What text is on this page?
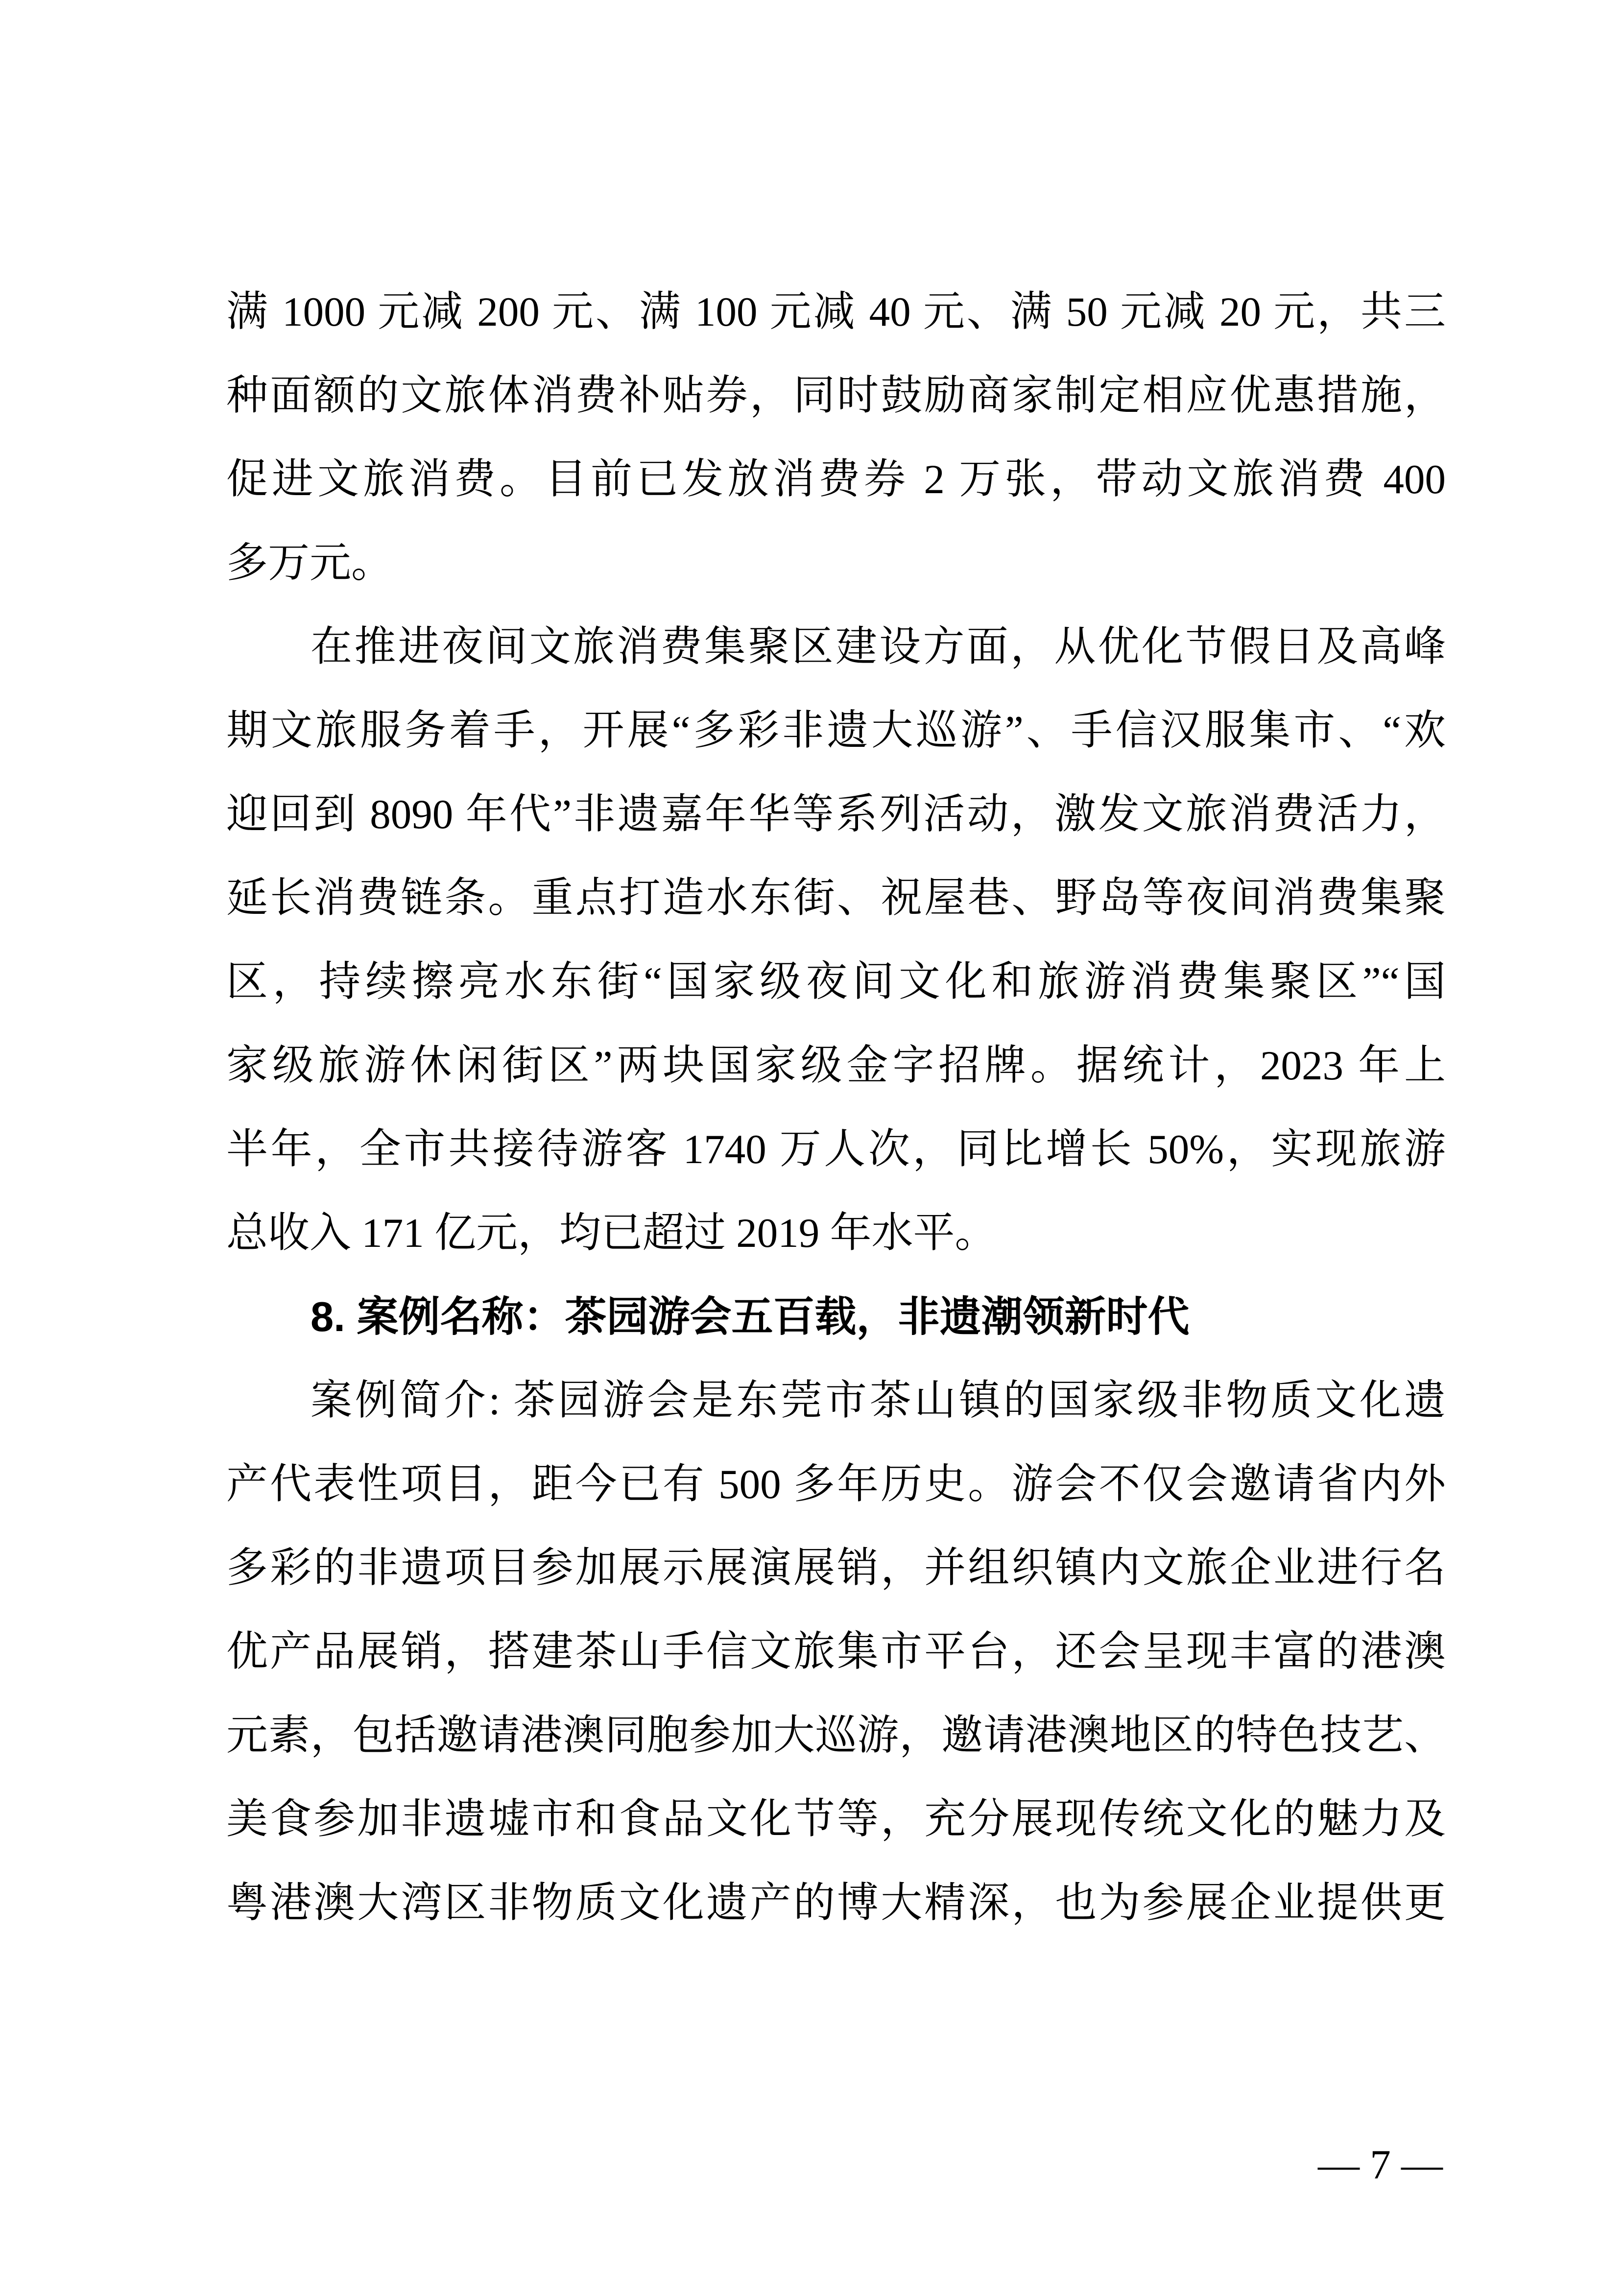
满 1000 元减 200 元、满 100 元减 40 元、满 50 元减 20 元，共三
种面额的文旅体消费补贴券，同时鼓励商家制定相应优惠措施，
促进文旅消费。目前已发放消费券 2 万张，带动文旅消费 400
多万元。
在推进夜间文旅消费集聚区建设方面，从优化节假日及高峰
期文旅服务着手，开展“多彩非遗大巡游”、手信汉服集市、“欢
迎回到 8090 年代”非遗嘉年华等系列活动，激发文旅消费活力，
延长消费链条。重点打造水东街、祝屋巷、野岛等夜间消费集聚
区，持续擦亮水东街“国家级夜间文化和旅游消费集聚区”“国
家级旅游休闲街区”两块国家级金字招牌。据统计，2023 年上
半年，全市共接待游客 1740 万人次，同比增长 50%，实现旅游
总收入 171 亿元，均已超过 2019 年水平。
8. 案例名称：茶园游会五百载，非遗潮领新时代
案例简介: 茶园游会是东莞市茶山镇的国家级非物质文化遗
产代表性项目，距今已有 500 多年历史。游会不仅会邀请省内外
多彩的非遗项目参加展示展演展销，并组织镇内文旅企业进行名
优产品展销，搭建茶山手信文旅集市平台，还会呈现丰富的港澳
元素，包括邀请港澳同胞参加大巡游，邀请港澳地区的特色技艺、
美食参加非遗墟市和食品文化节等，充分展现传统文化的魅力及
粤港澳大湾区非物质文化遗产的博大精深，也为参展企业提供更
— 7 —
